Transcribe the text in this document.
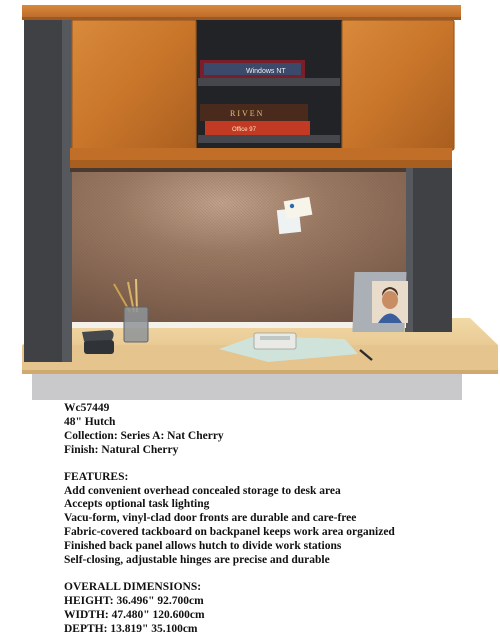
Windows NT
RIVEN
Office 97
Wc57449
48" Hutch
Collection: Series A: Nat Cherry
Finish: Natural Cherry
FEATURES:
Add convenient overhead concealed storage to desk area
Accepts optional task lighting
Vacu-form, vinyl-clad door fronts are durable and care-free
Fabric-covered tackboard on backpanel keeps work area organized
Finished back panel allows hutch to divide work stations
Self-closing, adjustable hinges are precise and durable
OVERALL DIMENSIONS:
HEIGHT: 36.496" 92.700cm
WIDTH: 47.480" 120.600cm
DEPTH: 13.819" 35.100cm
